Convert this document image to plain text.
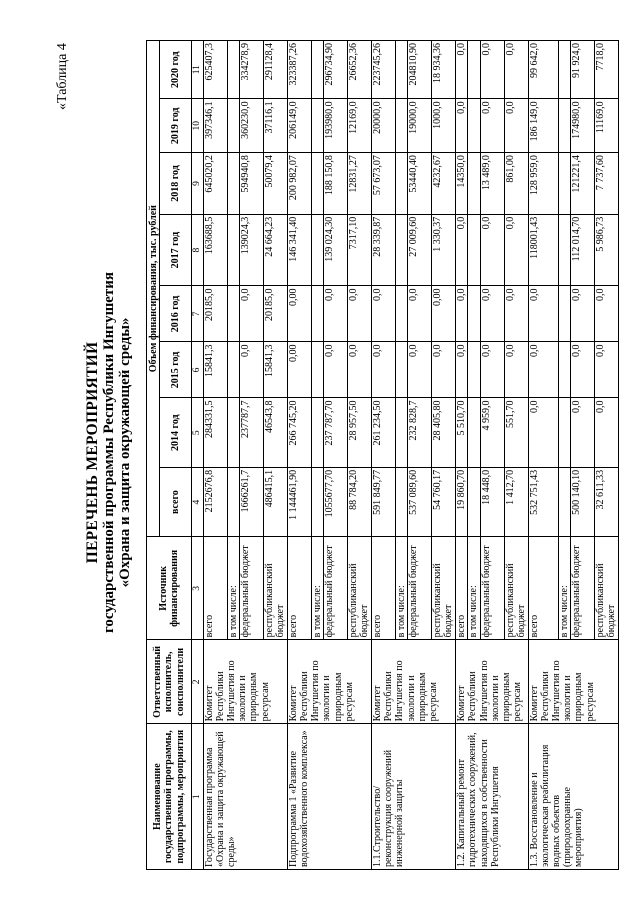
«Таблица 4
ПЕРЕЧЕНЬ МЕРОПРИЯТИЙ государственной программы Республики Ингушетия «Охрана и защита окружающей среды»
Наименование государственной программы, подпрограммы, мероприятия	Ответственный исполнитель, соисполнители	Источник финансирования	Объем финансирования, тыс. рублей							
			всего	2014 год	2015 год	2016 год	2017 год	2018 год	2019 год	2020 год
1	2	3	4	5	6	7	8	9	10	11
Государственная программа «Охрана и защита окружающей среды»	Комитет Республики Ингушетия по экологии и природным ресурсам	всего	2152676,8	284331,5	15841,3	20185,0	163688,5	645020,2	397346,1	625407,3
		в том числе:								
		федеральный бюджет	1666261,7	237787,7	0,0	0,0	139024,3	594940,8	360230,0	334278,9
		республиканский бюджет	486415,1	46543,8	15841,3	20185,0	24 664,23	50079,4	37116,1	291128,4
Подпрограмма 1 «Развитие водохозяйственного комплекса»	Комитет Республики Ингушетия по экологии и природным ресурсам	всего	1 144461,90	266 745,20	0,00	0,00	146 341,40	200 982,07	206149,0	323387,26
		в том числе:								
		федеральный бюджет	1055677,70	237 787,70	0,0	0,0	139 024,30	188 150,8	193980,0	296734,90
		республиканский бюджет	88 784,20	28 957,50	0,0	0,0	7317,10	12831,27	12169,0	26652,36
1.1.Строительство/реконструкция сооружений инженерной защиты	Комитет Республики Ингушетия по экологии и природным ресурсам	всего	591 849,77	261 234,50	0,0	0,0	28 339,87	57 673,07	20000,0	223745,26
		в том числе:								
		федеральный бюджет	537 089,60	232 828,7	0,0	0,0	27 009,60	53440,40	19000,0	204810,90
		республиканский бюджет	54 760,17	28 405,80	0,0	0,00	1 330,37	4232,67	1000,0	18 934,36
1.2. Капитальный ремонт гидротехнических сооружений, находящихся в собственности Республики Ингушетия	Комитет Республики Ингушетия по экологии и природным ресурсам	всего	19 860,70	5 510,70	0,0	0,0	0,0	14350,0	0,0	0,0
		в том числе:								
		федеральный бюджет	18 448,0	4 959,0	0,0	0,0	0,0	13 489,0	0,0	0,0
		республиканский бюджет	1 412,70	551,70	0,0	0,0	0,0	861,00	0,0	0,0
1.3. Восстановление и экологическая реабилитация водных объектов (природоохранные мероприятия)	Комитет Республики Ингушетия по экологии и природным ресурсам	всего	532 751,43	0,0	0,0	0,0	118001,43	128 959,0	186 149,0	99 642,0
		в том числе:								
		федеральный бюджет	500 140,10	0,0	0,0	0,0	112 014,70	121221,4	174980,0	91 924,0
		республиканский бюджет	32 611,33	0,0	0,0	0,0	5 986,73	7 737,60	11169,0	7718,0
